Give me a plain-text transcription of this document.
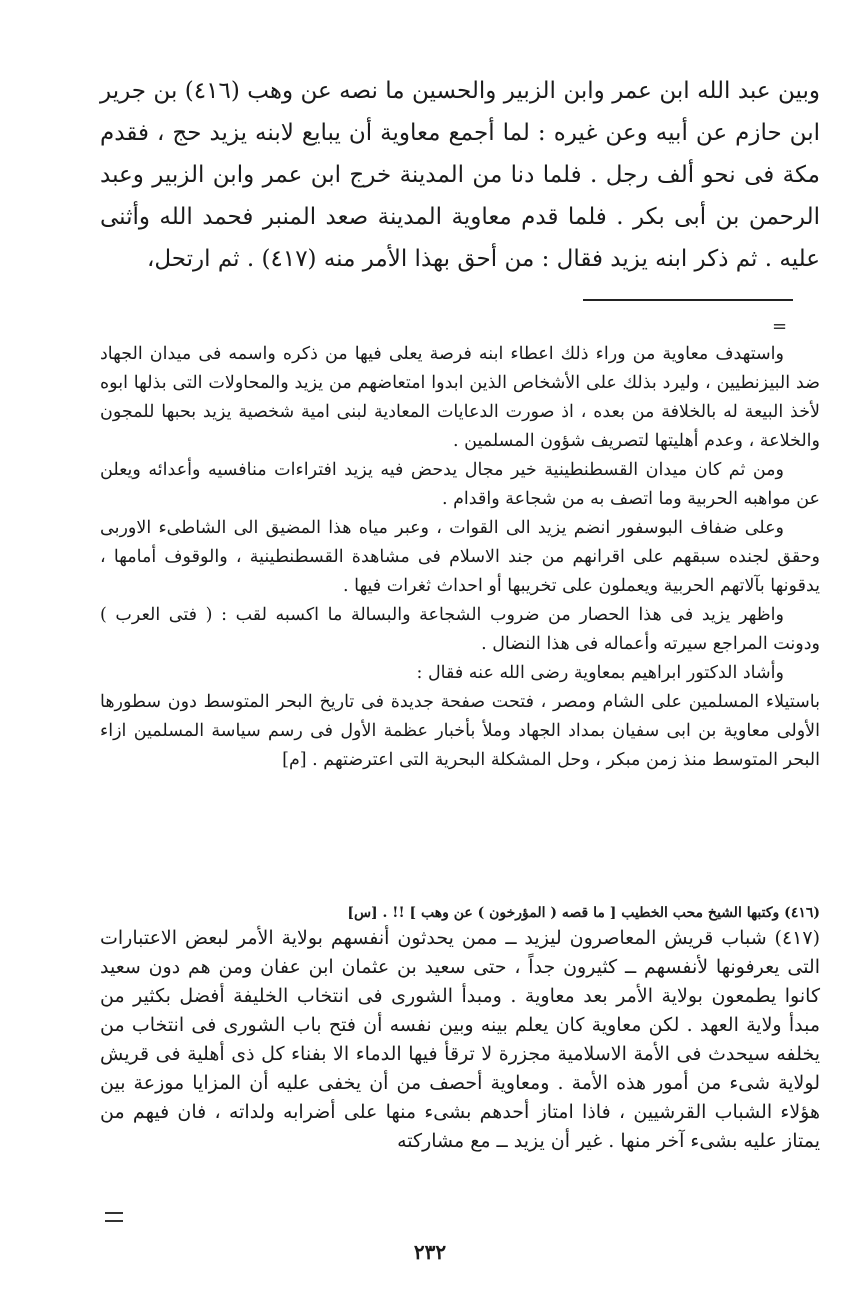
وبين عبد الله ابن عمر وابن الزبير والحسين ما نصه عن وهب (٤١٦) بن جرير ابن حازم عن أبيه وعن غيره : لما أجمع معاوية أن يبايع لابنه يزيد حج ، فقدم مكة فى نحو ألف رجل . فلما دنا من المدينة خرج ابن عمر وابن الزبير وعبد الرحمن بن أبى بكر . فلما قدم معاوية المدينة صعد المنبر فحمد الله وأثنى عليه . ثم ذكر ابنه يزيد فقال : من أحق بهذا الأمر منه (٤١٧) . ثم ارتحل،

=

واستهدف معاوية من وراء ذلك اعطاء ابنه فرصة يعلى فيها من ذكره واسمه فى ميدان الجهاد ضد البيزنطيين ، وليرد بذلك على الأشخاص الذين ابدوا امتعاضهم من يزيد والمحاولات التى بذلها ابوه لأخذ البيعة له بالخلافة من بعده ، اذ صورت الدعايات المعادية لبنى امية شخصية يزيد بحبها للمجون والخلاعة ، وعدم أهليتها لتصريف شؤون المسلمين .

ومن ثم كان ميدان القسطنطينية خير مجال يدحض فيه يزيد افتراءات منافسيه وأعدائه ويعلن عن مواهبه الحربية وما اتصف به من شجاعة واقدام .

وعلى ضفاف البوسفور انضم يزيد الى القوات ، وعبر مياه هذا المضيق الى الشاطىء الاوربى وحقق لجنده سبقهم على اقرانهم من جند الاسلام فى مشاهدة القسطنطينية ، والوقوف أمامها ، يدقونها بآلاتهم الحربية ويعملون على تخريبها أو احداث ثغرات فيها .

واظهر يزيد فى هذا الحصار من ضروب الشجاعة والبسالة ما اكسبه لقب : ( فتى العرب ) ودونت المراجع سيرته وأعماله فى هذا النضال .

وأشاد الدكتور ابراهيم بمعاوية رضى الله عنه فقال :

باستيلاء المسلمين على الشام ومصر ، فتحت صفحة جديدة فى تاريخ البحر المتوسط دون سطورها الأولى معاوية بن ابى سفيان بمداد الجهاد وملأ بأخبار عظمة الأول فى رسم سياسة المسلمين ازاء البحر المتوسط منذ زمن مبكر ، وحل المشكلة البحرية التى اعترضتهم . [م]

(٤١٦) وكتبها الشيخ محب الخطيب [ ما قصه ( المؤرخون ) عن وهب ] !! . [س]

(٤١٧) شباب قريش المعاصرون ليزيد ــ ممن يحدثون أنفسهم بولاية الأمر لبعض الاعتبارات التى يعرفونها لأنفسهم ــ كثيرون جداً ، حتى سعيد بن عثمان ابن عفان ومن هم دون سعيد كانوا يطمعون بولاية الأمر بعد معاوية . ومبدأ الشورى فى انتخاب الخليفة أفضل بكثير من مبدأ ولاية العهد . لكن معاوية كان يعلم بينه وبين نفسه أن فتح باب الشورى فى انتخاب من يخلفه سيحدث فى الأمة الاسلامية مجزرة لا ترقأ فيها الدماء الا بفناء كل ذى أهلية فى قريش لولاية شىء من أمور هذه الأمة . ومعاوية أحصف من أن يخفى عليه أن المزايا موزعة بين هؤلاء الشباب القرشيين ، فاذا امتاز أحدهم بشىء منها على أضرابه ولداته ، فان فيهم من يمتاز عليه بشىء آخر منها . غير أن يزيد ــ مع مشاركته

٢٣٢
